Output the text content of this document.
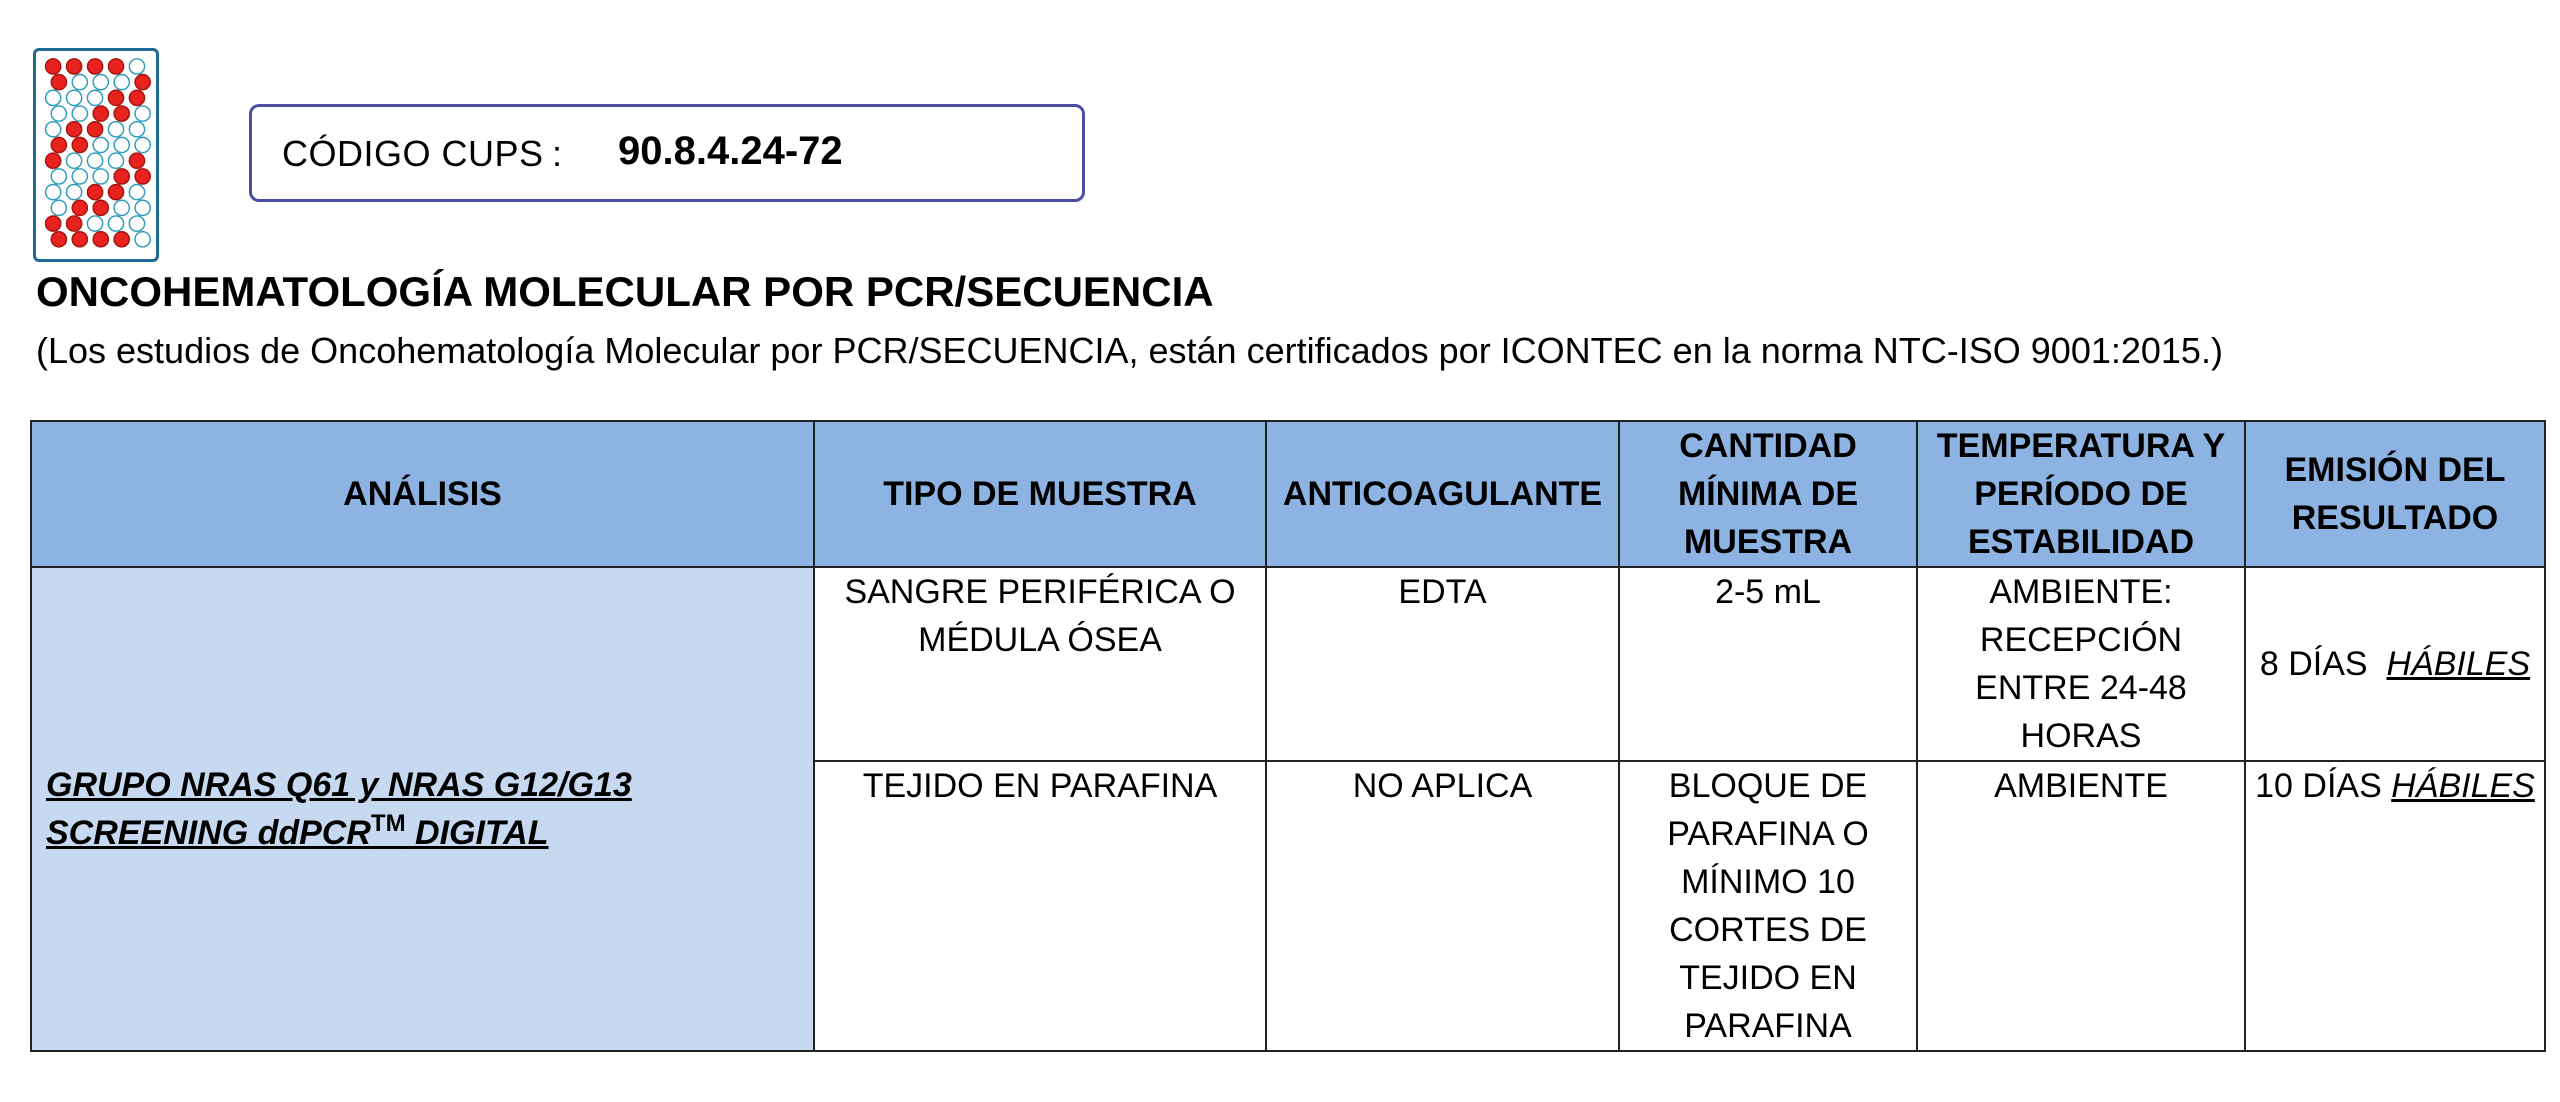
CÓDIGO CUPS : 90.8.4.24-72
ONCOHEMATOLOGÍA MOLECULAR POR PCR/SECUENCIA
(Los estudios de Oncohematología Molecular por PCR/SECUENCIA, están certificados por ICONTEC en la norma NTC-ISO 9001:2015.)
ANÁLISIS	TIPO DE MUESTRA	ANTICOAGULANTE	CANTIDAD MÍNIMA DE MUESTRA	TEMPERATURA Y PERÍODO DE ESTABILIDAD	EMISIÓN DEL RESULTADO
GRUPO NRAS Q61 y NRAS G12/G13 SCREENING ddPCR™ DIGITAL	SANGRE PERIFÉRICA O MÉDULA ÓSEA	EDTA	2-5 mL	AMBIENTE: RECEPCIÓN ENTRE 24-48 HORAS	8 DÍAS HÁBILES
	TEJIDO EN PARAFINA	NO APLICA	BLOQUE DE PARAFINA O MÍNIMO 10 CORTES DE TEJIDO EN PARAFINA	AMBIENTE	10 DÍAS HÁBILES
